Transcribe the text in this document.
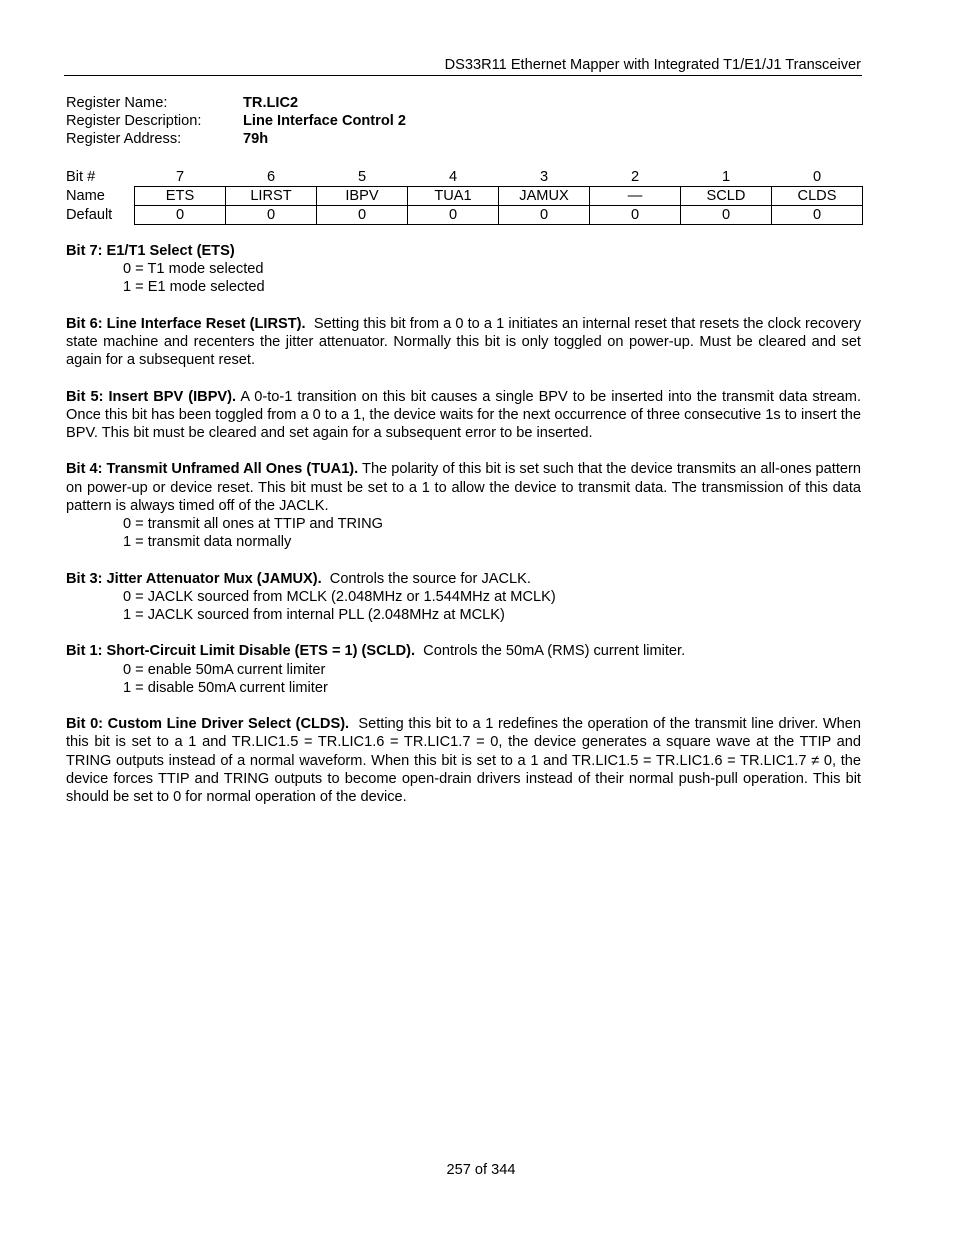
DS33R11 Ethernet Mapper with Integrated T1/E1/J1 Transceiver
Register Name:	TR.LIC2
Register Description:	Line Interface Control 2
Register Address:	79h
Bit #	7	6	5	4	3	2	1	0
Name	ETS	LIRST	IBPV	TUA1	JAMUX	—	SCLD	CLDS
Default	0	0	0	0	0	0	0	0
Bit 7: E1/T1 Select (ETS)
0 = T1 mode selected
1 = E1 mode selected
Bit 6: Line Interface Reset (LIRST). Setting this bit from a 0 to a 1 initiates an internal reset that resets the clock recovery state machine and recenters the jitter attenuator. Normally this bit is only toggled on power-up. Must be cleared and set again for a subsequent reset.
Bit 5: Insert BPV (IBPV). A 0-to-1 transition on this bit causes a single BPV to be inserted into the transmit data stream. Once this bit has been toggled from a 0 to a 1, the device waits for the next occurrence of three consecutive 1s to insert the BPV. This bit must be cleared and set again for a subsequent error to be inserted.
Bit 4: Transmit Unframed All Ones (TUA1). The polarity of this bit is set such that the device transmits an all-ones pattern on power-up or device reset. This bit must be set to a 1 to allow the device to transmit data. The transmission of this data pattern is always timed off of the JACLK.
0 = transmit all ones at TTIP and TRING
1 = transmit data normally
Bit 3: Jitter Attenuator Mux (JAMUX). Controls the source for JACLK.
0 = JACLK sourced from MCLK (2.048MHz or 1.544MHz at MCLK)
1 = JACLK sourced from internal PLL (2.048MHz at MCLK)
Bit 1: Short-Circuit Limit Disable (ETS = 1) (SCLD). Controls the 50mA (RMS) current limiter.
0 = enable 50mA current limiter
1 = disable 50mA current limiter
Bit 0: Custom Line Driver Select (CLDS). Setting this bit to a 1 redefines the operation of the transmit line driver. When this bit is set to a 1 and TR.LIC1.5 = TR.LIC1.6 = TR.LIC1.7 = 0, the device generates a square wave at the TTIP and TRING outputs instead of a normal waveform. When this bit is set to a 1 and TR.LIC1.5 = TR.LIC1.6 = TR.LIC1.7 ≠ 0, the device forces TTIP and TRING outputs to become open-drain drivers instead of their normal push-pull operation. This bit should be set to 0 for normal operation of the device.
257 of 344
